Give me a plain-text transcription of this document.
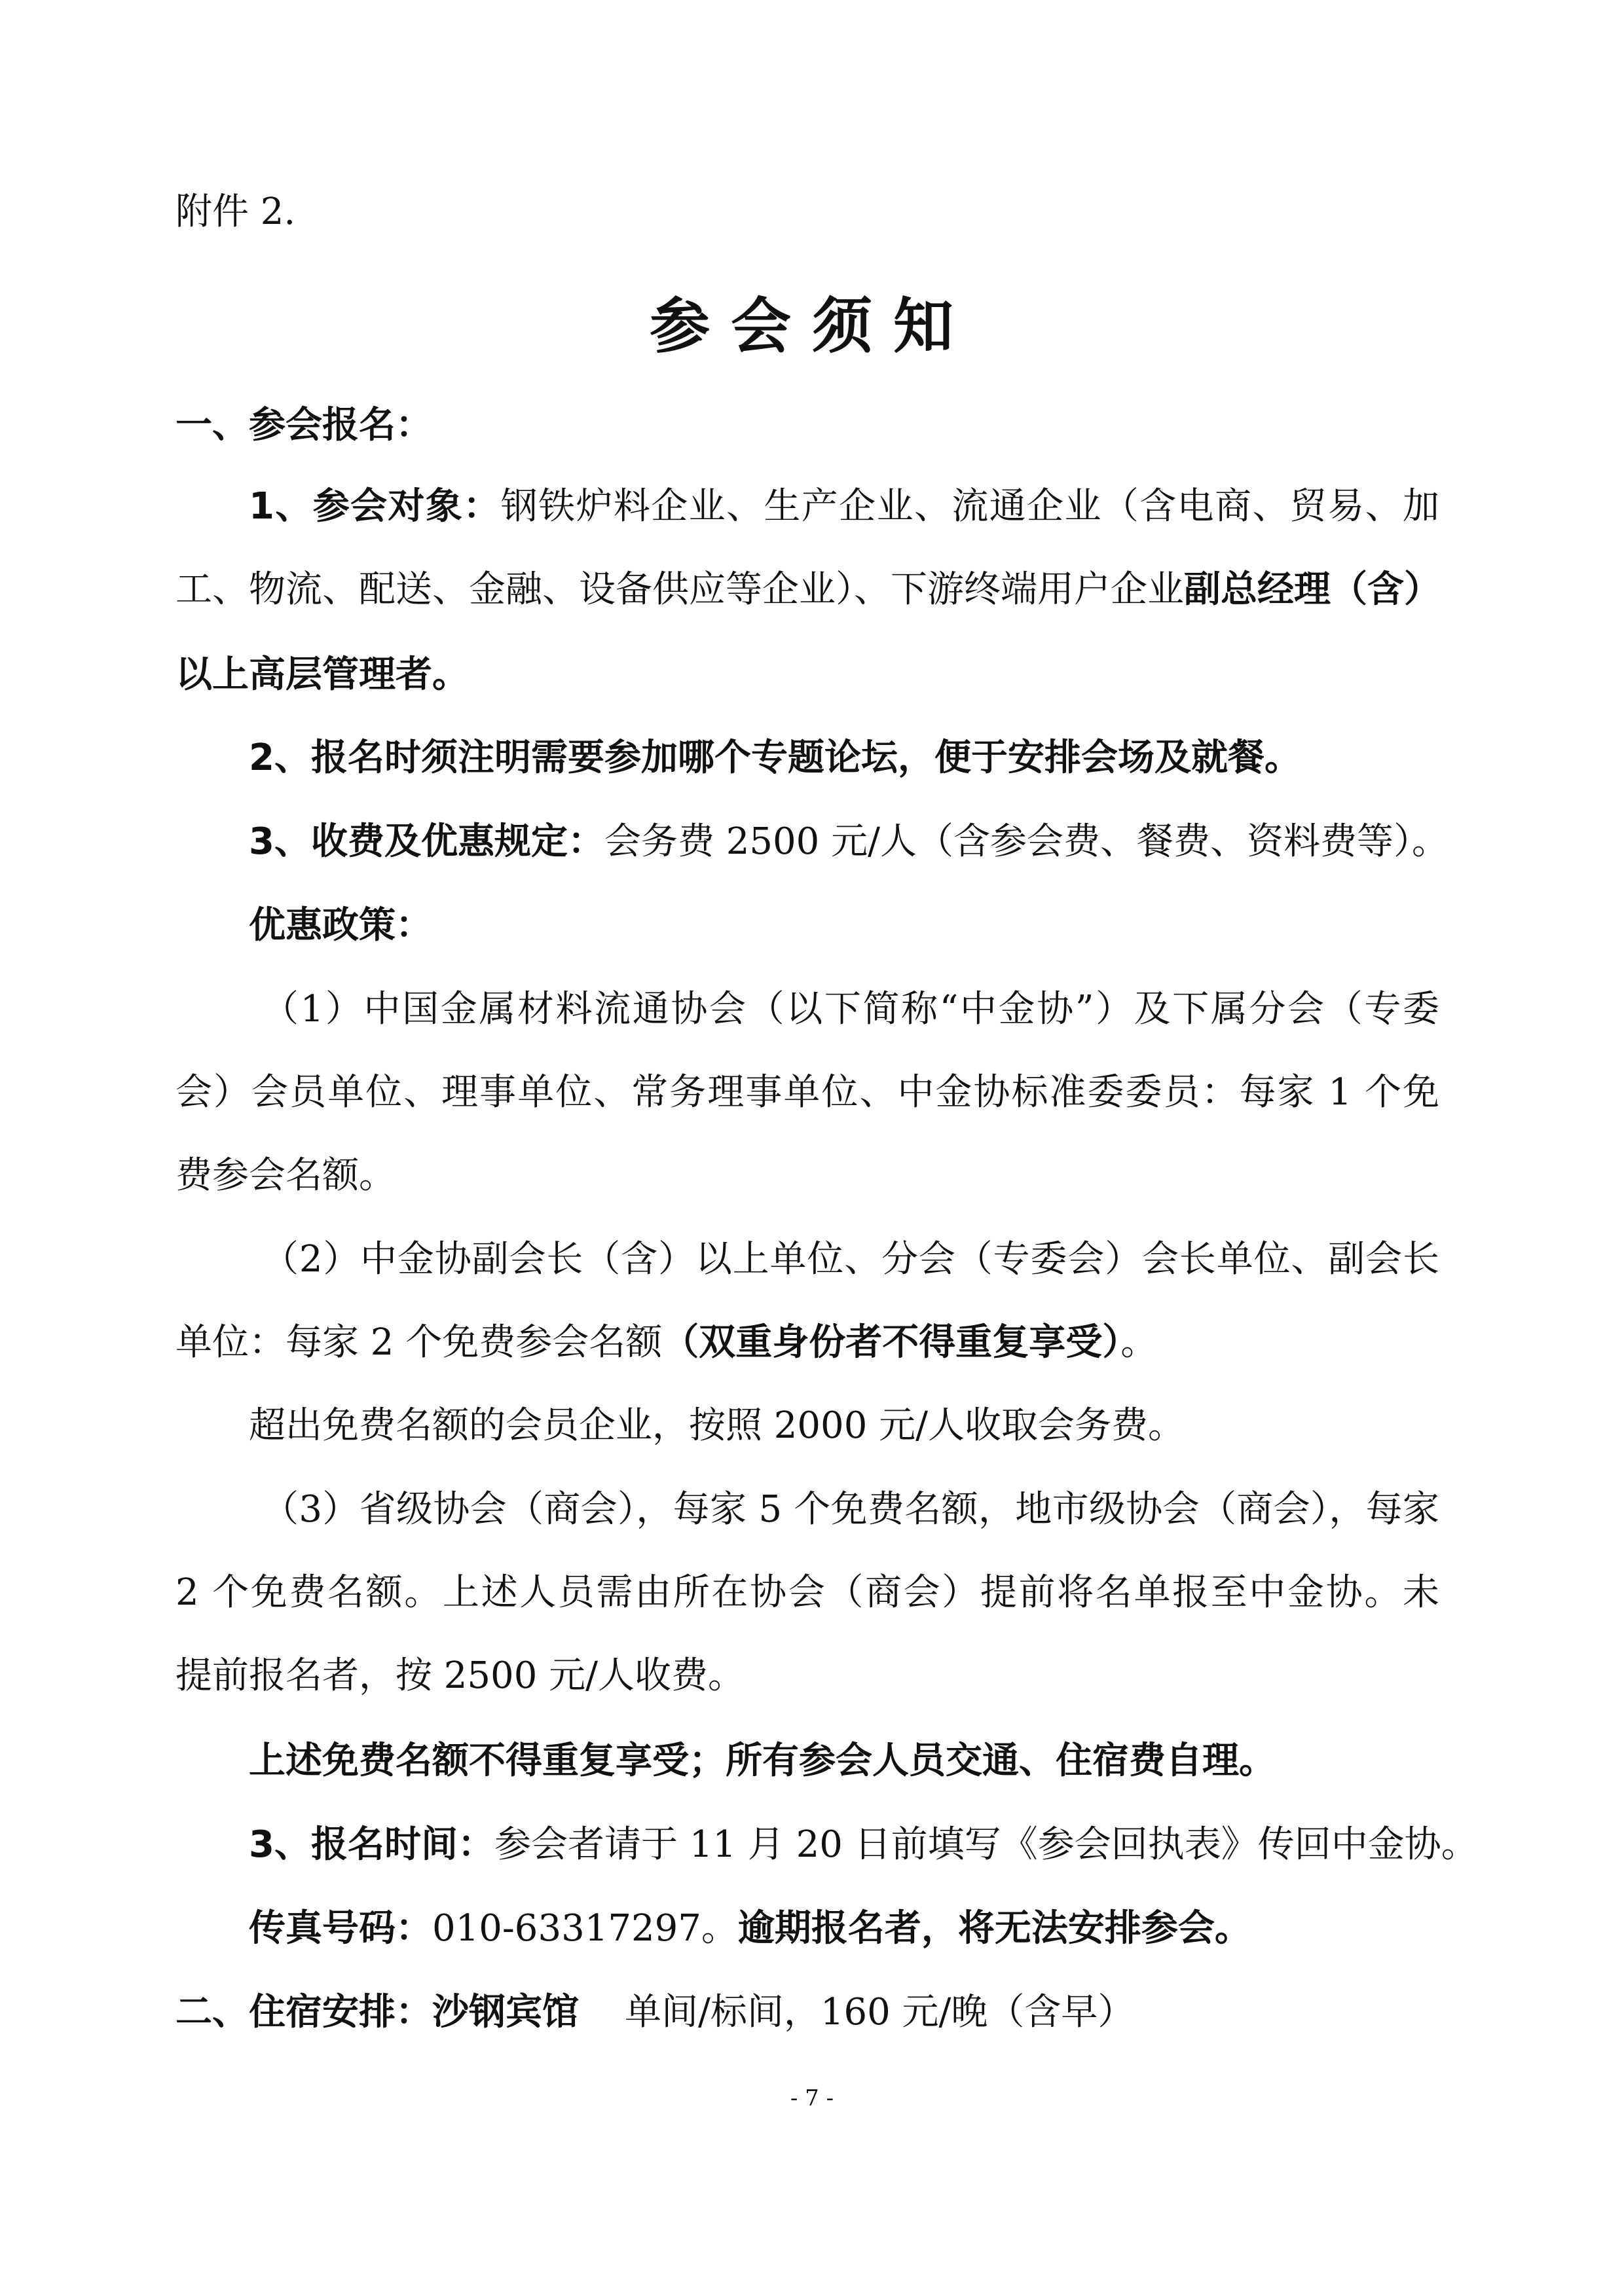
附件 2.
参会须知
一、参会报名：
1、参会对象：钢铁炉料企业、生产企业、流通企业（含电商、贸易、加
工、物流、配送、金融、设备供应等企业）、下游终端用户企业副总经理（含）
以上高层管理者。
2、报名时须注明需要参加哪个专题论坛，便于安排会场及就餐。
3、收费及优惠规定：会务费 2500 元/人（含参会费、餐费、资料费等）。
优惠政策：
（1）中国金属材料流通协会（以下简称“中金协”）及下属分会（专委
会）会员单位、理事单位、常务理事单位、中金协标准委委员：每家 1 个免
费参会名额。
（2）中金协副会长（含）以上单位、分会（专委会）会长单位、副会长
单位：每家 2 个免费参会名额（双重身份者不得重复享受）。
超出免费名额的会员企业，按照 2000 元/人收取会务费。
（3）省级协会（商会），每家 5 个免费名额，地市级协会（商会），每家
2 个免费名额。上述人员需由所在协会（商会）提前将名单报至中金协。未
提前报名者，按 2500 元/人收费。
上述免费名额不得重复享受；所有参会人员交通、住宿费自理。
3、报名时间：参会者请于 11 月 20 日前填写《参会回执表》传回中金协。
传真号码：010-63317297。逾期报名者，将无法安排参会。
二、住宿安排：沙钢宾馆 单间/标间，160 元/晚（含早）
- 7 -
